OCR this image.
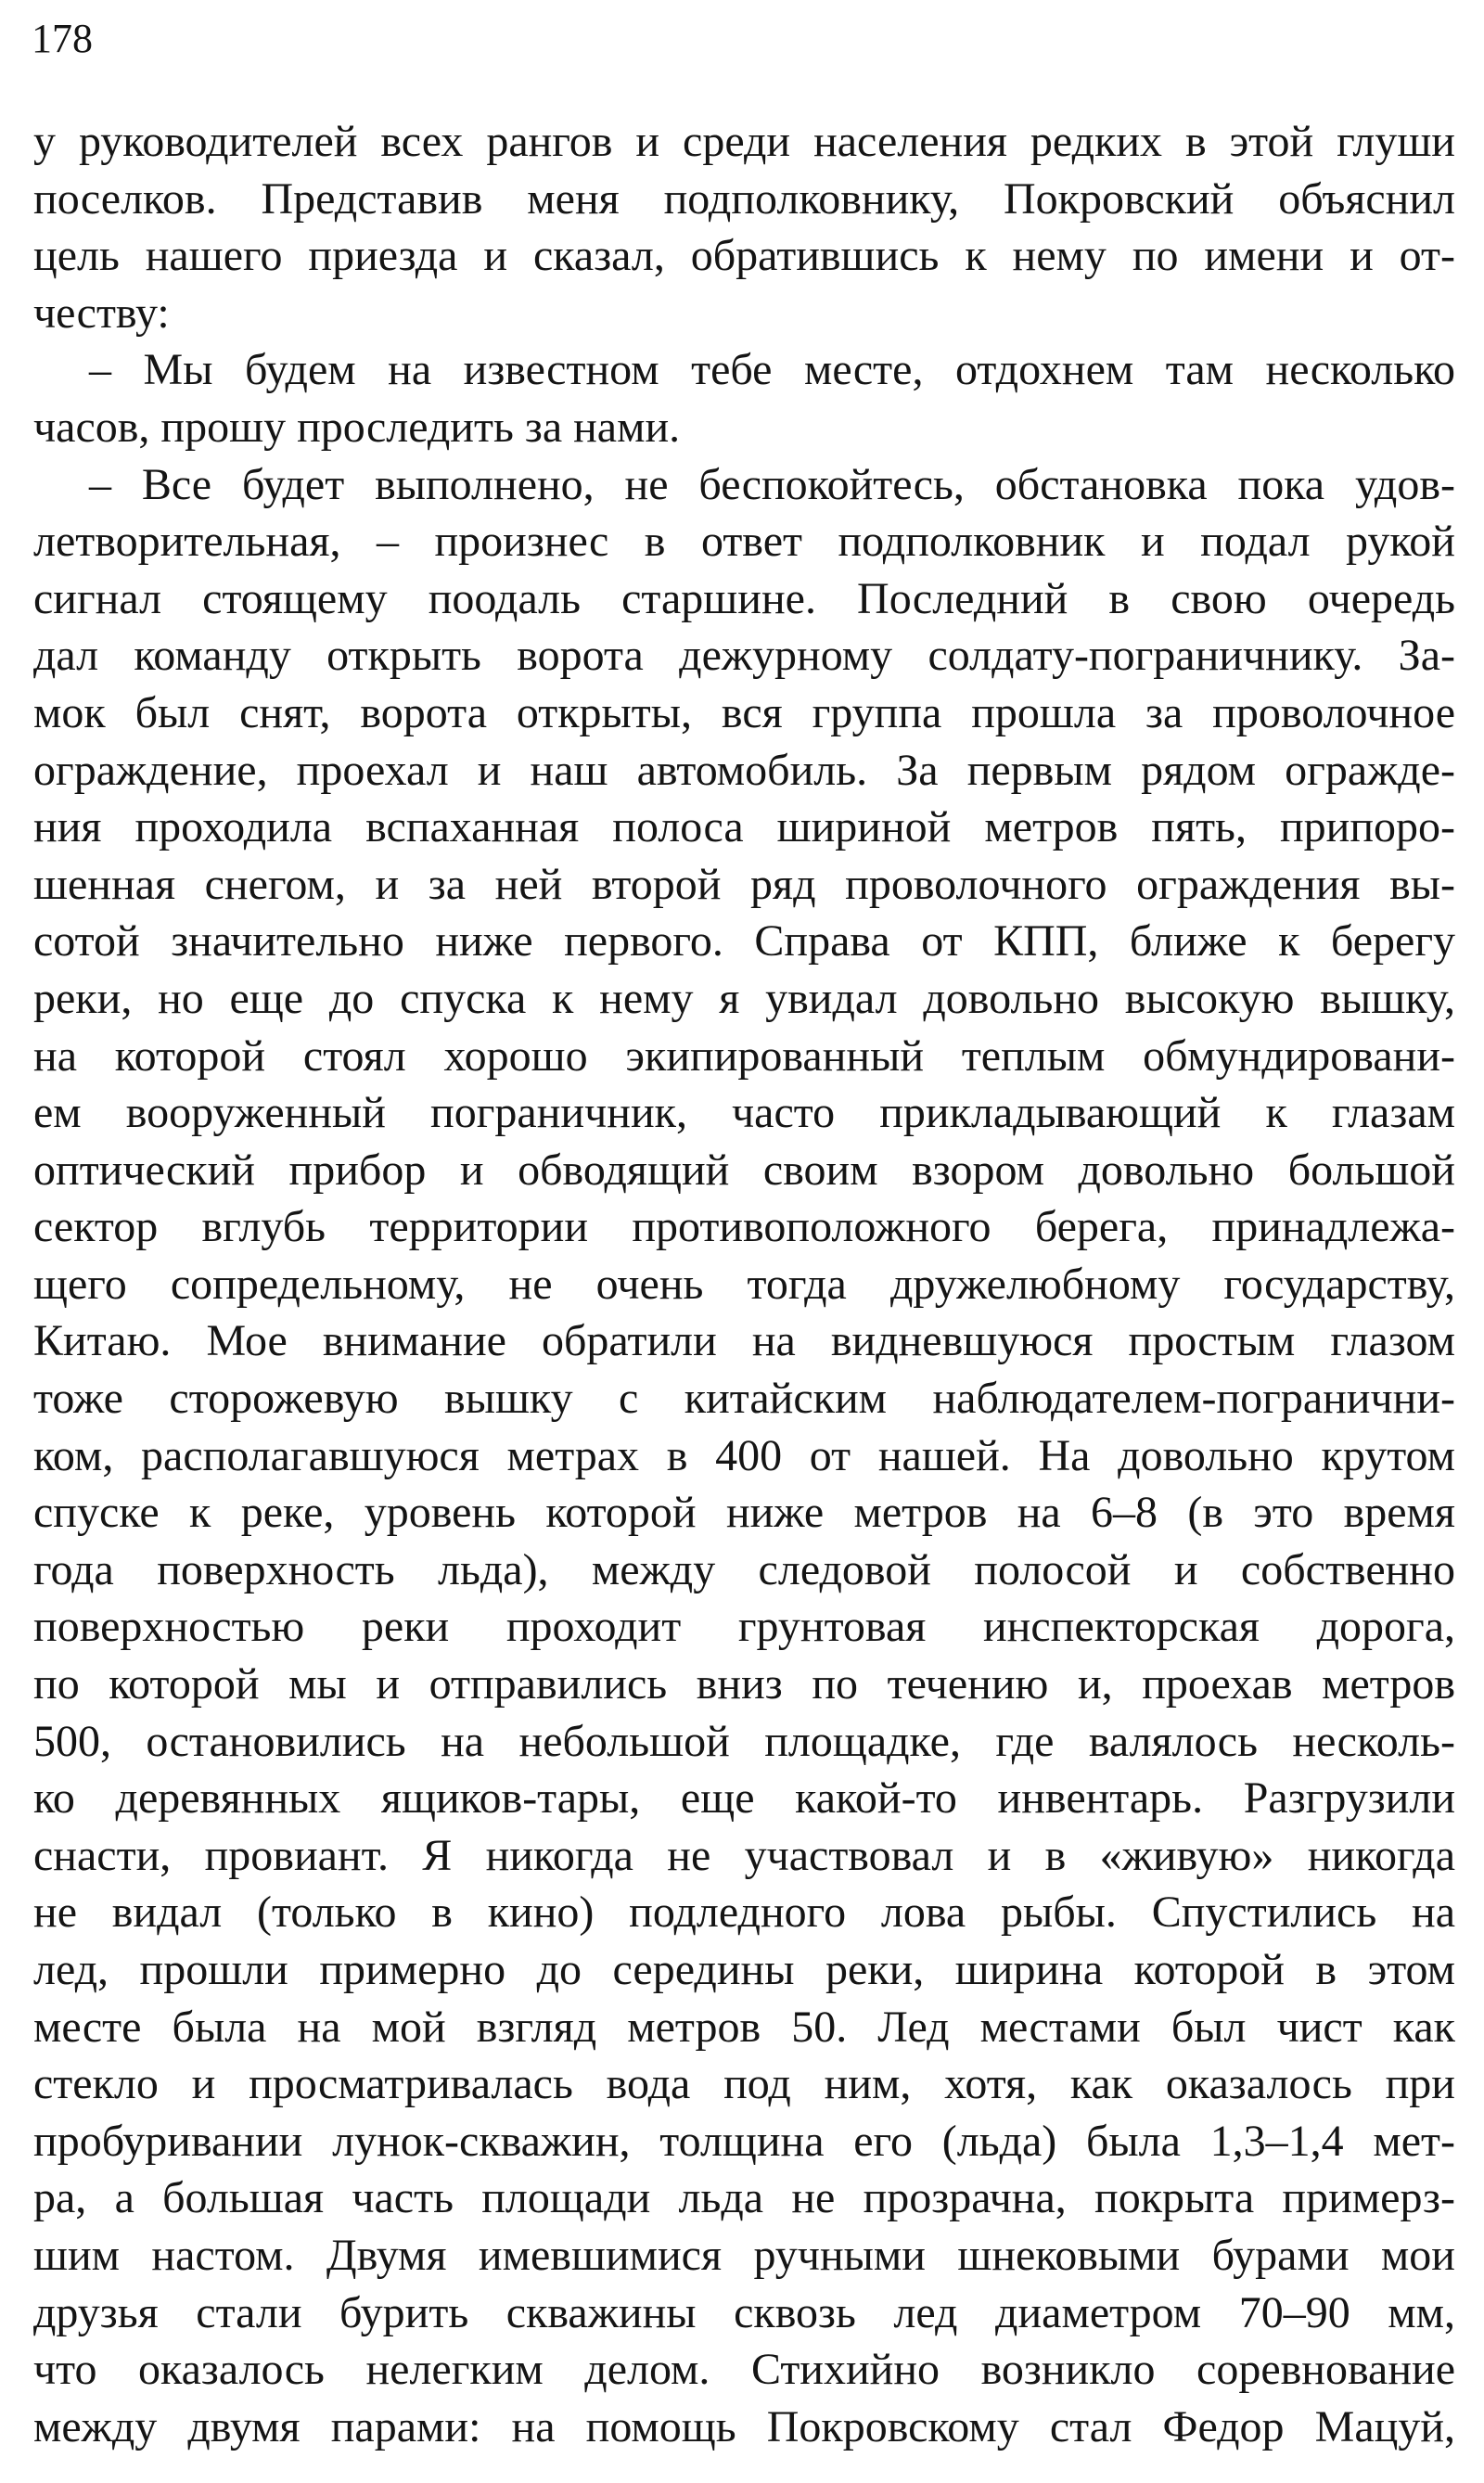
178
у руководителей всех рангов и среди населения редких в этой глуши
поселков. Представив меня подполковнику, Покровский объяснил
цель нашего приезда и сказал, обратившись к нему по имени и от-
честву:
– Мы будем на известном тебе месте, отдохнем там несколько
часов, прошу проследить за нами.
– Все будет выполнено, не беспокойтесь, обстановка пока удов-
летворительная, – произнес в ответ подполковник и подал рукой
сигнал стоящему поодаль старшине. Последний в свою очередь
дал команду открыть ворота дежурному солдату-пограничнику. За-
мок был снят, ворота открыты, вся группа прошла за проволочное
ограждение, проехал и наш автомобиль. За первым рядом огражде-
ния проходила вспаханная полоса шириной метров пять, припоро-
шенная снегом, и за ней второй ряд проволочного ограждения вы-
сотой значительно ниже первого. Справа от КПП, ближе к берегу
реки, но еще до спуска к нему я увидал довольно высокую вышку,
на которой стоял хорошо экипированный теплым обмундировани-
ем вооруженный пограничник, часто прикладывающий к глазам
оптический прибор и обводящий своим взором довольно большой
сектор вглубь территории противоположного берега, принадлежа-
щего сопредельному, не очень тогда дружелюбному государству,
Китаю. Мое внимание обратили на видневшуюся простым глазом
тоже сторожевую вышку с китайским наблюдателем-погранични-
ком, располагавшуюся метрах в 400 от нашей. На довольно крутом
спуске к реке, уровень которой ниже метров на 6–8 (в это время
года поверхность льда), между следовой полосой и собственно
поверхностью реки проходит грунтовая инспекторская дорога,
по которой мы и отправились вниз по течению и, проехав метров
500, остановились на небольшой площадке, где валялось несколь-
ко деревянных ящиков-тары, еще какой-то инвентарь. Разгрузили
снасти, провиант. Я никогда не участвовал и в «живую» никогда
не видал (только в кино) подледного лова рыбы. Спустились на
лед, прошли примерно до середины реки, ширина которой в этом
месте была на мой взгляд метров 50. Лед местами был чист как
стекло и просматривалась вода под ним, хотя, как оказалось при
пробуривании лунок-скважин, толщина его (льда) была 1,3–1,4 мет-
ра, а большая часть площади льда не прозрачна, покрыта примерз-
шим настом. Двумя имевшимися ручными шнековыми бурами мои
друзья стали бурить скважины сквозь лед диаметром 70–90 мм,
что оказалось нелегким делом. Стихийно возникло соревнование
между двумя парами: на помощь Покровскому стал Федор Мацуй,
